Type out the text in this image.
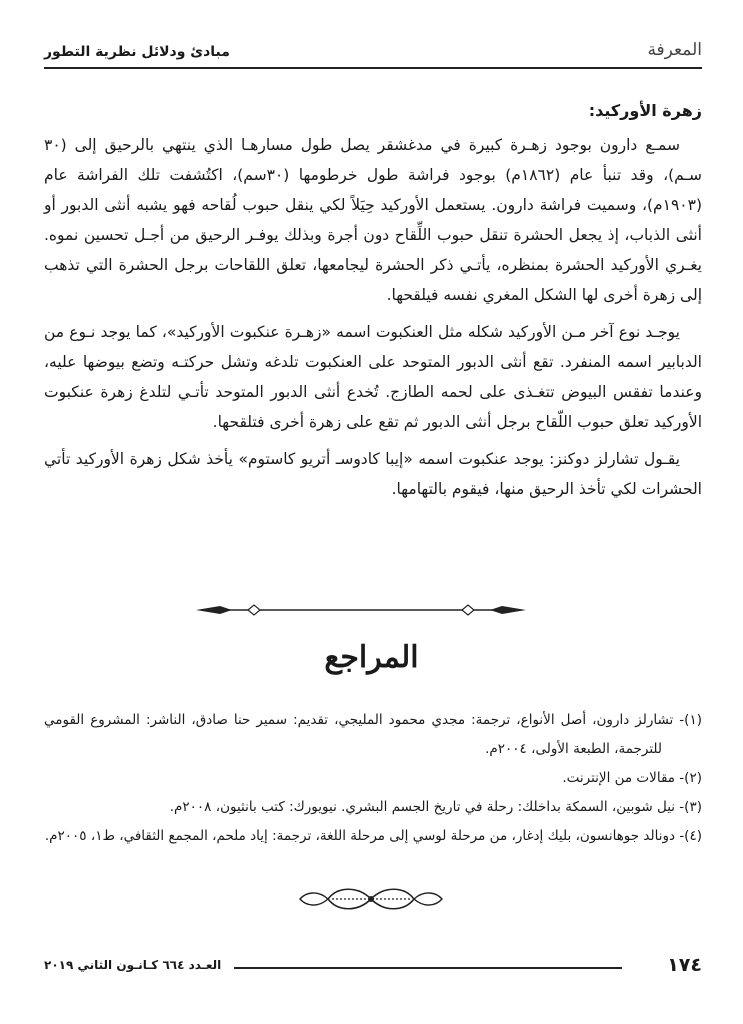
مبادئ ودلائل نظرية التطور	المعرفة
زهرة الأوركيد:

سمـع دارون بوجود زهـرة كبيرة في مدغشقر يصل طول مسارهـا الذي ينتهي بالرحيق إلى (٣٠ سـم)، وقد تنبأ عام (١٨٦٢م) بوجود فراشة طول خرطومها (٣٠سم)، اكتُشفت تلك الفراشة عام (١٩٠٣م)، وسميت فراشة دارون. يستعمل الأوركيد حِيَلاً لكي ينقل حبوب لُقاحه فهو يشبه أنثى الدبور أو أنثى الذباب، إذ يجعل الحشرة تنقل حبوب اللِّقاح دون أجرة وبذلك يوفـر الرحيق من أجـل تحسين نموه. يغـري الأوركيد الحشرة بمنظره، يأتـي ذكر الحشرة ليجامعها، تعلق اللقاحات برجل الحشرة التي تذهب إلى زهرة أخرى لها الشكل المغري نفسه فيلقحها.

يوجـد نوع آخر مـن الأوركيد شكله مثل العنكبوت اسمه «زهـرة عنكبوت الأوركيد»، كما يوجد نـوع من الدبابير اسمه المنفرد. تقع أنثى الدبور المتوحد على العنكبوت تلدغه وتشل حركتـه وتضع بيوضها عليه، وعندما تفقس البيوض تتغـذى على لحمه الطازج. تُخدع أنثى الدبور المتوحد تأتـي لتلدغ زهرة عنكبوت الأوركيد تعلق حبوب اللّقاح برجل أنثى الدبور ثم تقع على زهرة أخرى فتلقحها.

يقـول تشارلز دوكنز: يوجد عنكبوت اسمه «إيبا كادوسـ أتريو كاستوم» يأخذ شكل زهرة الأوركيد تأتي الحشرات لكي تأخذ الرحيق منها، فيقوم بالتهامها.

المراجع

(١)- تشارلز دارون، أصل الأنواع، ترجمة: مجدي محمود المليجي، تقديم: سمير حنا صادق، الناشر: المشروع القومي للترجمة، الطبعة الأولى، ٢٠٠٤م.

(٢)- مقالات من الإنترنت.

(٣)- نيل شوبين، السمكة بداخلك: رحلة في تاريخ الجسم البشري. نيويورك: كتب بانثيون، ٢٠٠٨م.

(٤)- دونالد جوهانسون، بليك إدغار، من مرحلة لوسي إلى مرحلة اللغة، ترجمة: إياد ملحم، المجمع الثقافي، ط١، ٢٠٠٥م.

العـدد ٦٦٤ كـانـون الثاني ٢٠١٩	١٧٤
